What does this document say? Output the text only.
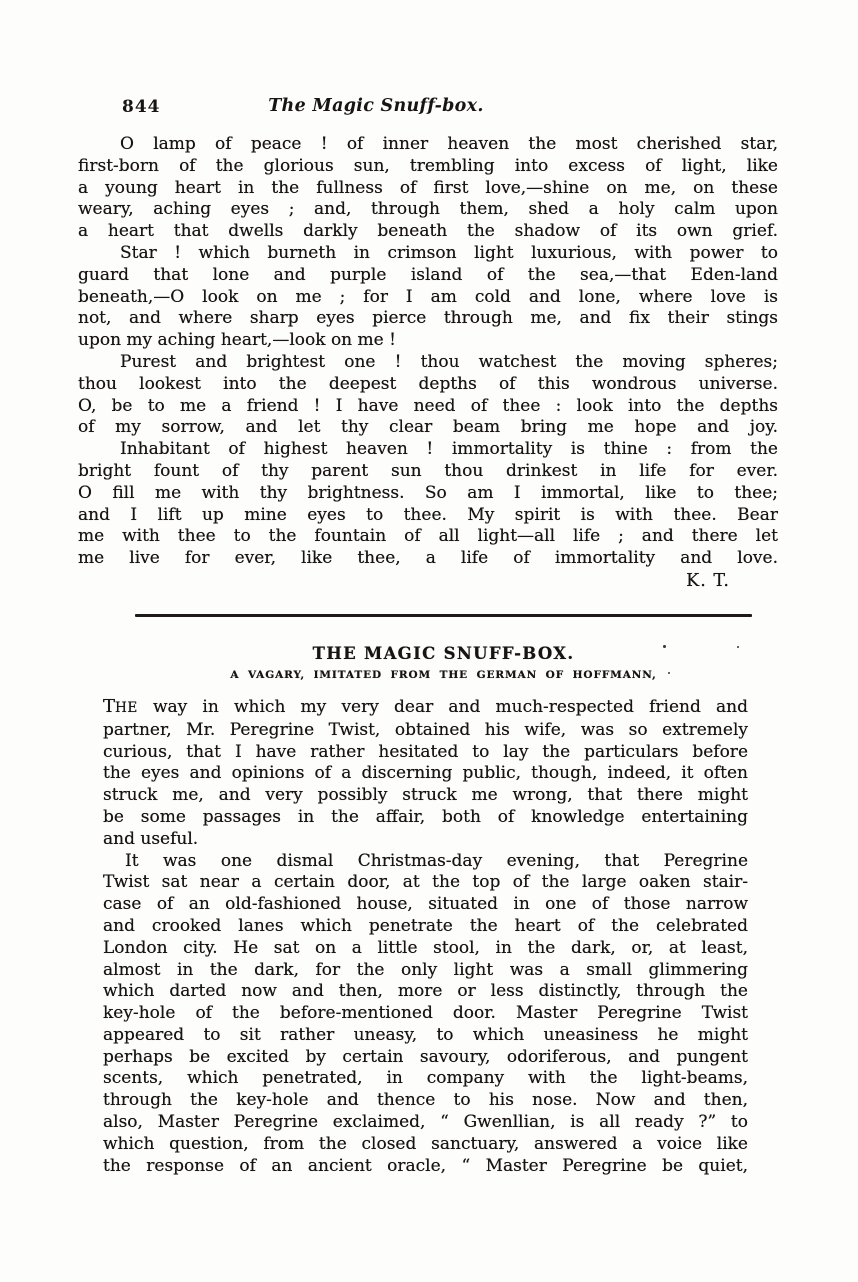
844	The Magic Snuff-box.

O lamp of peace ! of inner heaven the most cherished star,
first-born of the glorious sun, trembling into excess of light, like
a young heart in the fullness of first love,—shine on me, on these
weary, aching eyes ; and, through them, shed a holy calm upon
a heart that dwells darkly beneath the shadow of its own grief.

Star ! which burneth in crimson light luxurious, with power to
guard that lone and purple island of the sea,—that Eden-land
beneath,—O look on me ; for I am cold and lone, where love is
not, and where sharp eyes pierce through me, and fix their stings
upon my aching heart,—look on me !

Purest and brightest one ! thou watchest the moving spheres;
thou lookest into the deepest depths of this wondrous universe.
O, be to me a friend ! I have need of thee : look into the depths
of my sorrow, and let thy clear beam bring me hope and joy.

Inhabitant of highest heaven ! immortality is thine : from the
bright fount of thy parent sun thou drinkest in life for ever.
O fill me with thy brightness. So am I immortal, like to thee;
and I lift up mine eyes to thee. My spirit is with thee. Bear
me with thee to the fountain of all light—all life ; and there let
me live for ever, like thee, a life of immortality and love.

K. T.
THE MAGIC SNUFF-BOX.
A VAGARY, IMITATED FROM THE GERMAN OF HOFFMANN,

THE way in which my very dear and much-respected friend and
partner, Mr. Peregrine Twist, obtained his wife, was so extremely
curious, that I have rather hesitated to lay the particulars before
the eyes and opinions of a discerning public, though, indeed, it often
struck me, and very possibly struck me wrong, that there might
be some passages in the affair, both of knowledge entertaining
and useful.

It was one dismal Christmas-day evening, that Peregrine
Twist sat near a certain door, at the top of the large oaken stair-
case of an old-fashioned house, situated in one of those narrow
and crooked lanes which penetrate the heart of the celebrated
London city. He sat on a little stool, in the dark, or, at least,
almost in the dark, for the only light was a small glimmering
which darted now and then, more or less distinctly, through the
key-hole of the before-mentioned door. Master Peregrine Twist
appeared to sit rather uneasy, to which uneasiness he might
perhaps be excited by certain savoury, odoriferous, and pungent
scents, which penetrated, in company with the light-beams,
through the key-hole and thence to his nose. Now and then,
also, Master Peregrine exclaimed, “ Gwenllian, is all ready ?” to
which question, from the closed sanctuary, answered a voice like
the response of an ancient oracle, “ Master Peregrine be quiet,
